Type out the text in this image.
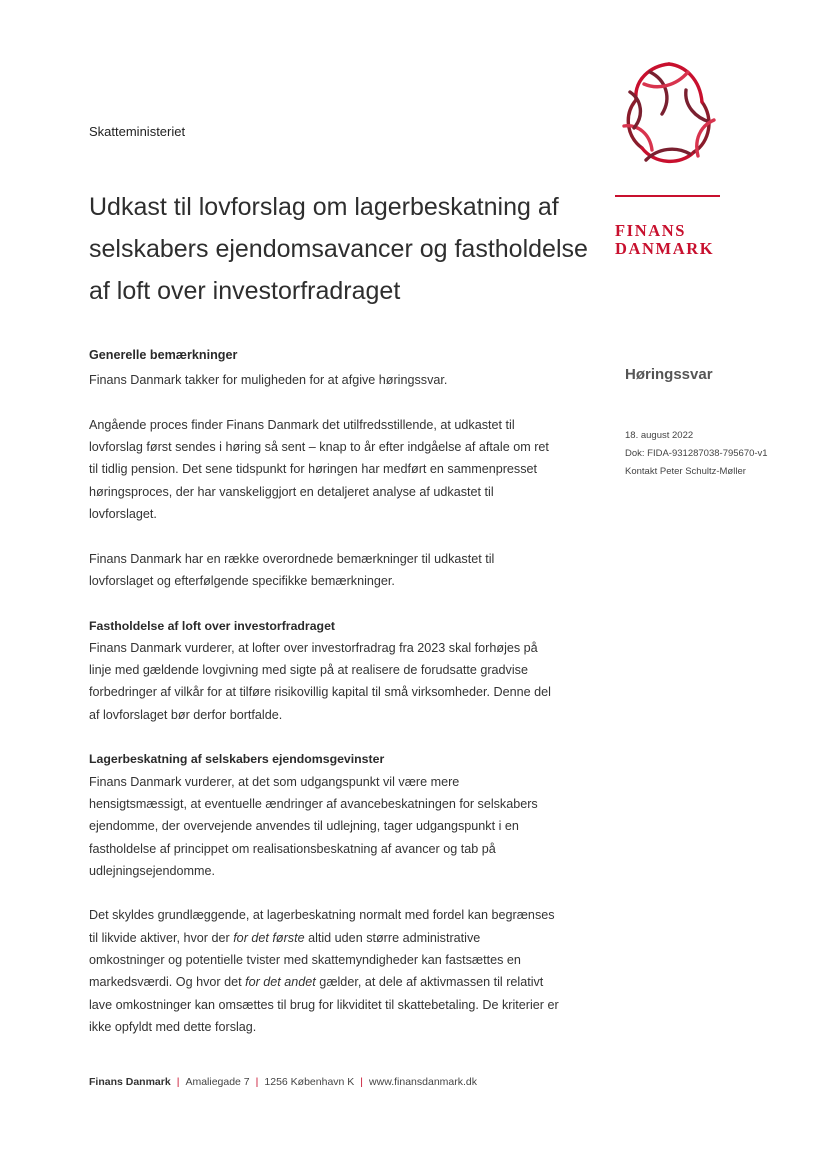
Skatteministeriet
Udkast til lovforslag om lagerbeskatning af selskabers ejendomsavancer og fastholdelse af loft over investorfradraget
FINANS
DANMARK
Høringssvar
18. august 2022
Dok: FIDA-931287038-795670-v1
Kontakt Peter Schultz-Møller
Generelle bemærkninger

Finans Danmark takker for muligheden for at afgive høringssvar.

Angående proces finder Finans Danmark det utilfredsstillende, at udkastet til lovforslag først sendes i høring så sent – knap to år efter indgåelse af aftale om ret til tidlig pension. Det sene tidspunkt for høringen har medført en sammenpresset høringsproces, der har vanskeliggjort en detaljeret analyse af udkastet til lovforslaget.

Finans Danmark har en række overordnede bemærkninger til udkastet til lovforslaget og efterfølgende specifikke bemærkninger.

Fastholdelse af loft over investorfradraget

Finans Danmark vurderer, at lofter over investorfradrag fra 2023 skal forhøjes på linje med gældende lovgivning med sigte på at realisere de forudsatte gradvise forbedringer af vilkår for at tilføre risikovillig kapital til små virksomheder. Denne del af lovforslaget bør derfor bortfalde.

Lagerbeskatning af selskabers ejendomsgevinster

Finans Danmark vurderer, at det som udgangspunkt vil være mere hensigtsmæssigt, at eventuelle ændringer af avancebeskatningen for selskabers ejendomme, der overvejende anvendes til udlejning, tager udgangspunkt i en fastholdelse af princippet om realisationsbeskatning af avancer og tab på udlejningsejendomme.

Det skyldes grundlæggende, at lagerbeskatning normalt med fordel kan begrænses til likvide aktiver, hvor der for det første altid uden større administrative omkostninger og potentielle tvister med skattemyndigheder kan fastsættes en markedsværdi. Og hvor det for det andet gælder, at dele af aktivmassen til relativt lave omkostninger kan omsættes til brug for likviditet til skattebetaling. De kriterier er ikke opfyldt med dette forslag.

Finans Danmark | Amaliegade 7 | 1256 København K | www.finansdanmark.dk
